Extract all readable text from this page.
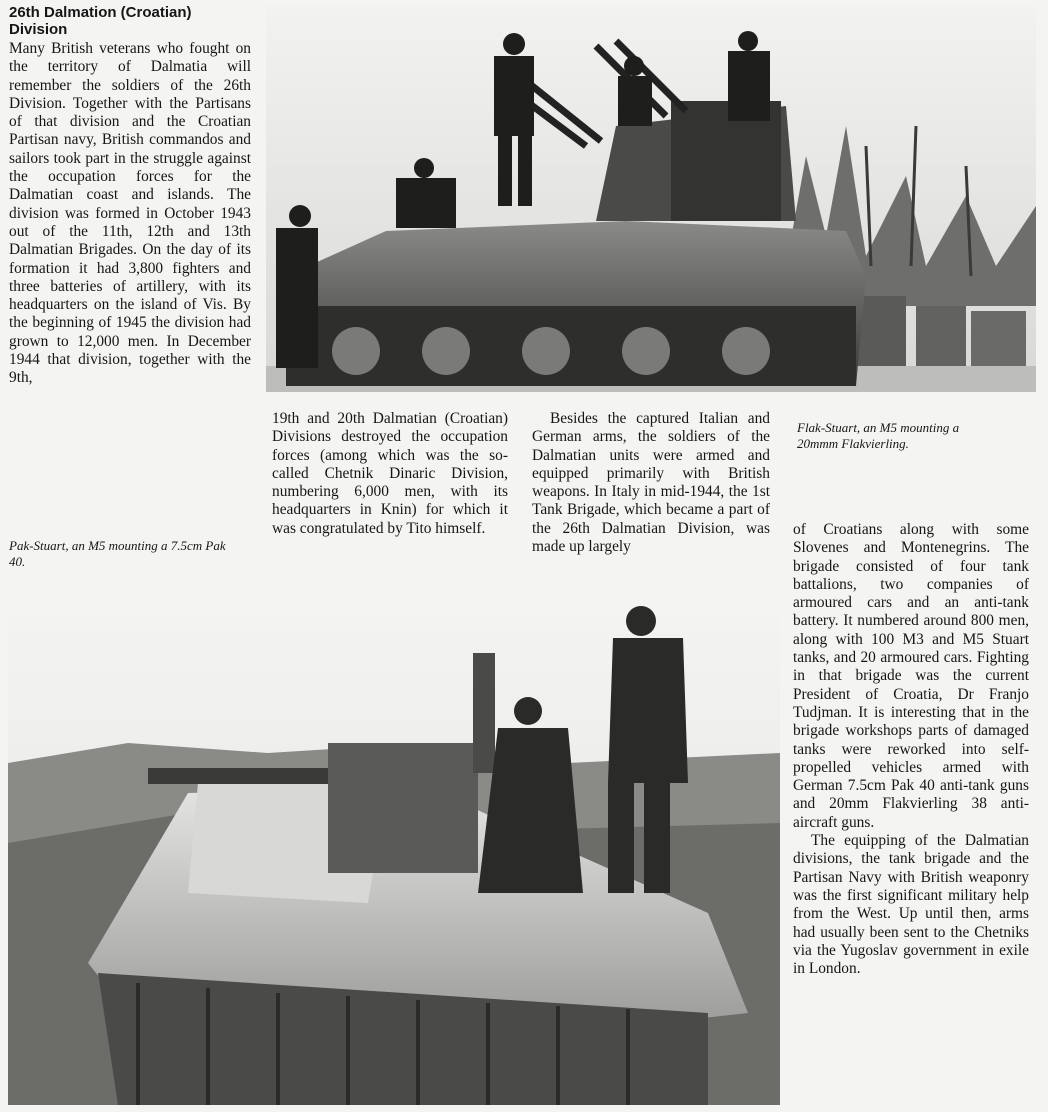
26th Dalmation (Croatian)
Division

Many British veterans who fought on the territory of Dalmatia will remember the soldiers of the 26th Division. Together with the Partisans of that division and the Croatian Partisan navy, British commandos and sailors took part in the struggle against the occupation forces for the Dalmatian coast and islands. The division was formed in October 1943 out of the 11th, 12th and 13th Dalmatian Brigades. On the day of its formation it had 3,800 fighters and three batteries of artillery, with its headquarters on the island of Vis. By the beginning of 1945 the division had grown to 12,000 men. In December 1944 that division, together with the 9th,

Flak-Stuart, an M5 mounting a 20mmm Flakvierling.

19th and 20th Dalmatian (Croatian) Divisions destroyed the occupation forces (among which was the so-called Chetnik Dinaric Division, numbering 6,000 men, with its headquarters in Knin) for which it was congratulated by Tito himself.

Besides the captured Italian and German arms, the soldiers of the Dalmatian units were armed and equipped primarily with British weapons. In Italy in mid-1944, the 1st Tank Brigade, which became a part of the 26th Dalmatian Division, was made up largely

Pak-Stuart, an M5 mounting a 7.5cm Pak 40.

of Croatians along with some Slovenes and Montenegrins. The brigade consisted of four tank battalions, two companies of armoured cars and an anti-tank battery. It numbered around 800 men, along with 100 M3 and M5 Stuart tanks, and 20 armoured cars. Fighting in that brigade was the current President of Croatia, Dr Franjo Tudjman. It is interesting that in the brigade workshops parts of damaged tanks were reworked into self-propelled vehicles armed with German 7.5cm Pak 40 anti-tank guns and 20mm Flakvierling 38 anti-aircraft guns.

The equipping of the Dalmatian divisions, the tank brigade and the Partisan Navy with British weaponry was the first significant military help from the West. Up until then, arms had usually been sent to the Chetniks via the Yugoslav government in exile in London.
